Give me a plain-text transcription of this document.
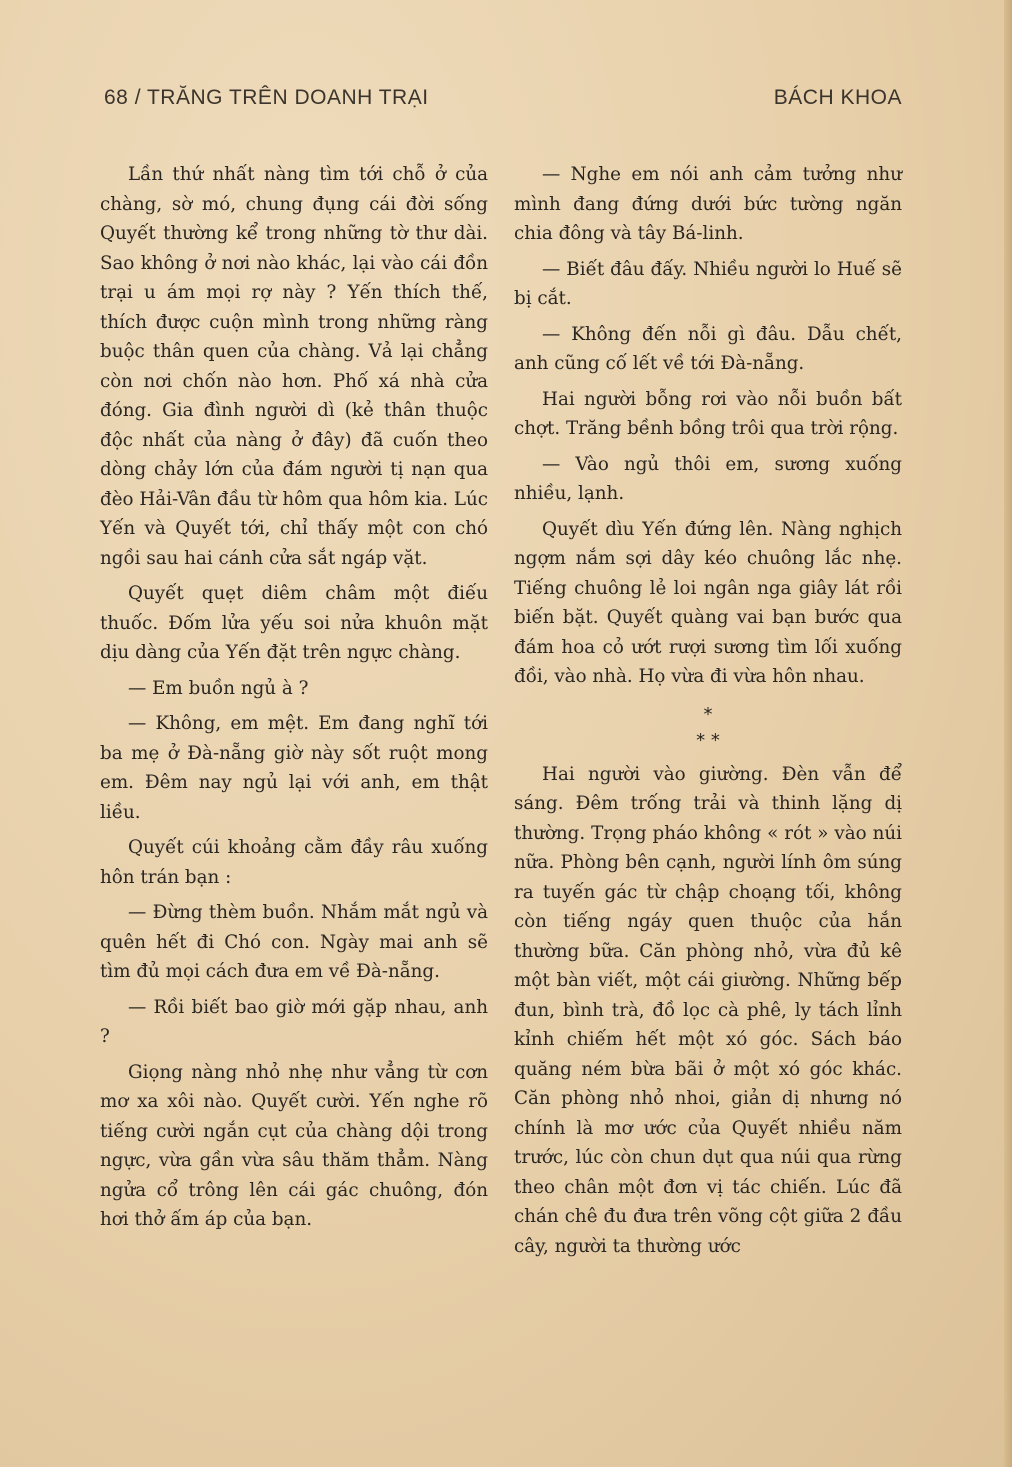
68 / TRĂNG TRÊN DOANH TRẠI	BÁCH KHOA

Lần thứ nhất nàng tìm tới chỗ ở của chàng, sờ mó, chung đụng cái đời sống Quyết thường kể trong những tờ thư dài. Sao không ở nơi nào khác, lại vào cái đồn trại u ám mọi rợ này ? Yến thích thế, thích được cuộn mình trong những ràng buộc thân quen của chàng. Vả lại chẳng còn nơi chốn nào hơn. Phố xá nhà cửa đóng. Gia đình người dì (kẻ thân thuộc độc nhất của nàng ở đây) đã cuốn theo dòng chảy lớn của đám người tị nạn qua đèo Hải-Vân đầu từ hôm qua hôm kia. Lúc Yến và Quyết tới, chỉ thấy một con chó ngồi sau hai cánh cửa sắt ngáp vặt.

Quyết quẹt diêm châm một điếu thuốc. Đốm lửa yếu soi nửa khuôn mặt dịu dàng của Yến đặt trên ngực chàng.

— Em buồn ngủ à ?

— Không, em mệt. Em đang nghĩ tới ba mẹ ở Đà-nẵng giờ này sốt ruột mong em. Đêm nay ngủ lại với anh, em thật liều.

Quyết cúi khoảng cằm đầy râu xuống hôn trán bạn :

— Đừng thèm buồn. Nhắm mắt ngủ và quên hết đi Chó con. Ngày mai anh sẽ tìm đủ mọi cách đưa em về Đà-nẵng.

— Rồi biết bao giờ mới gặp nhau, anh ?

Giọng nàng nhỏ nhẹ như vẳng từ cơn mơ xa xôi nào. Quyết cười. Yến nghe rõ tiếng cười ngắn cụt của chàng dội trong ngực, vừa gần vừa sâu thăm thẳm. Nàng ngửa cổ trông lên cái gác chuông, đón hơi thở ấm áp của bạn.

— Nghe em nói anh cảm tưởng như mình đang đứng dưới bức tường ngăn chia đông và tây Bá-linh.

— Biết đâu đấy. Nhiều người lo Huế sẽ bị cắt.

— Không đến nỗi gì đâu. Dẫu chết, anh cũng cố lết về tới Đà-nẵng.

Hai người bỗng rơi vào nỗi buồn bất chợt. Trăng bềnh bồng trôi qua trời rộng.

— Vào ngủ thôi em, sương xuống nhiều, lạnh.

Quyết dìu Yến đứng lên. Nàng nghịch ngợm nắm sợi dây kéo chuông lắc nhẹ. Tiếng chuông lẻ loi ngân nga giây lát rồi biến bặt. Quyết quàng vai bạn bước qua đám hoa cỏ ướt rượi sương tìm lối xuống đồi, vào nhà. Họ vừa đi vừa hôn nhau.

*
* *

Hai người vào giường. Đèn vẫn để sáng. Đêm trống trải và thinh lặng dị thường. Trọng pháo không « rót » vào núi nữa. Phòng bên cạnh, người lính ôm súng ra tuyến gác từ chập choạng tối, không còn tiếng ngáy quen thuộc của hắn thường bữa. Căn phòng nhỏ, vừa đủ kê một bàn viết, một cái giường. Những bếp đun, bình trà, đồ lọc cà phê, ly tách lỉnh kỉnh chiếm hết một xó góc. Sách báo quăng ném bừa bãi ở một xó góc khác. Căn phòng nhỏ nhoi, giản dị nhưng nó chính là mơ ước của Quyết nhiều năm trước, lúc còn chun dụt qua núi qua rừng theo chân một đơn vị tác chiến. Lúc đã chán chê đu đưa trên võng cột giữa 2 đầu cây, người ta thường ước
